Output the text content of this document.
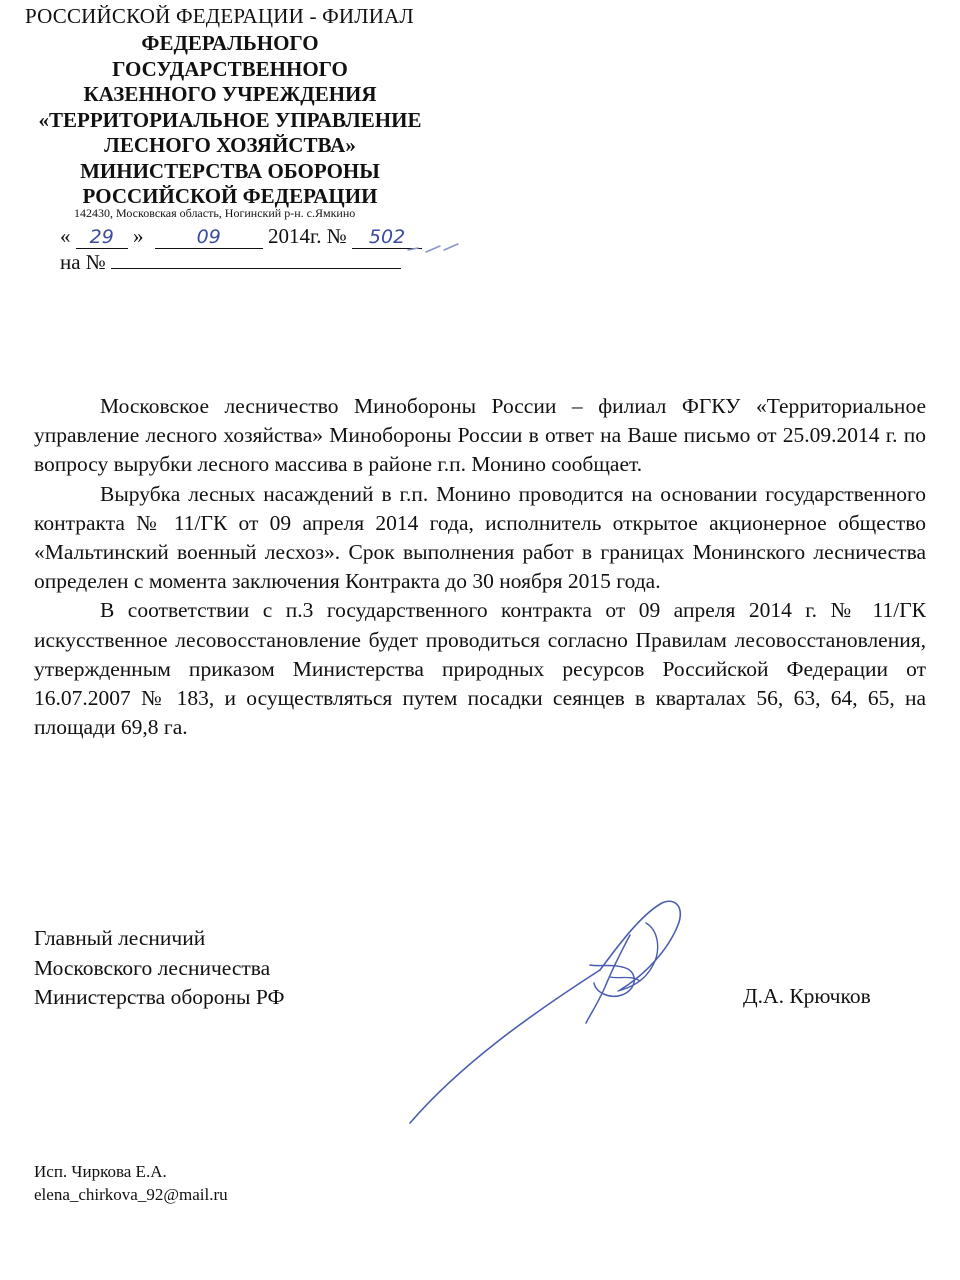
РОССИЙСКОЙ ФЕДЕРАЦИИ - ФИЛИАЛ
ФЕДЕРАЛЬНОГО
ГОСУДАРСТВЕННОГО
КАЗЕННОГО УЧРЕЖДЕНИЯ
«ТЕРРИТОРИАЛЬНОЕ УПРАВЛЕНИЕ
ЛЕСНОГО ХОЗЯЙСТВА»
МИНИСТЕРСТВА ОБОРОНЫ
РОССИЙСКОЙ ФЕДЕРАЦИИ
142430, Московская область, Ногинский р-н. с.Ямкино
« 29 »	09 2014г. № 502
на №

Московское лесничество Минобороны России – филиал ФГКУ «Территориальное управление лесного хозяйства» Минобороны России в ответ на Ваше письмо от 25.09.2014 г. по вопросу вырубки лесного массива в районе г.п. Монино сообщает.

Вырубка лесных насаждений в г.п. Монино проводится на основании государственного контракта № 11/ГК от 09 апреля 2014 года, исполнитель открытое акционерное общество «Мальтинский военный лесхоз». Срок выполнения работ в границах Монинского лесничества определен с момента заключения Контракта до 30 ноября 2015 года.

В соответствии с п.3 государственного контракта от 09 апреля 2014 г. № 11/ГК искусственное лесовосстановление будет проводиться согласно Правилам лесовосстановления, утвержденным приказом Министерства природных ресурсов Российской Федерации от 16.07.2007 № 183, и осуществляться путем посадки сеянцев в кварталах 56, 63, 64, 65, на площади 69,8 га.

Главный лесничий
Московского лесничества
Министерства обороны РФ	Д.А. Крючков
Исп. Чиркова Е.А.
elena_chirkova_92@mail.ru
